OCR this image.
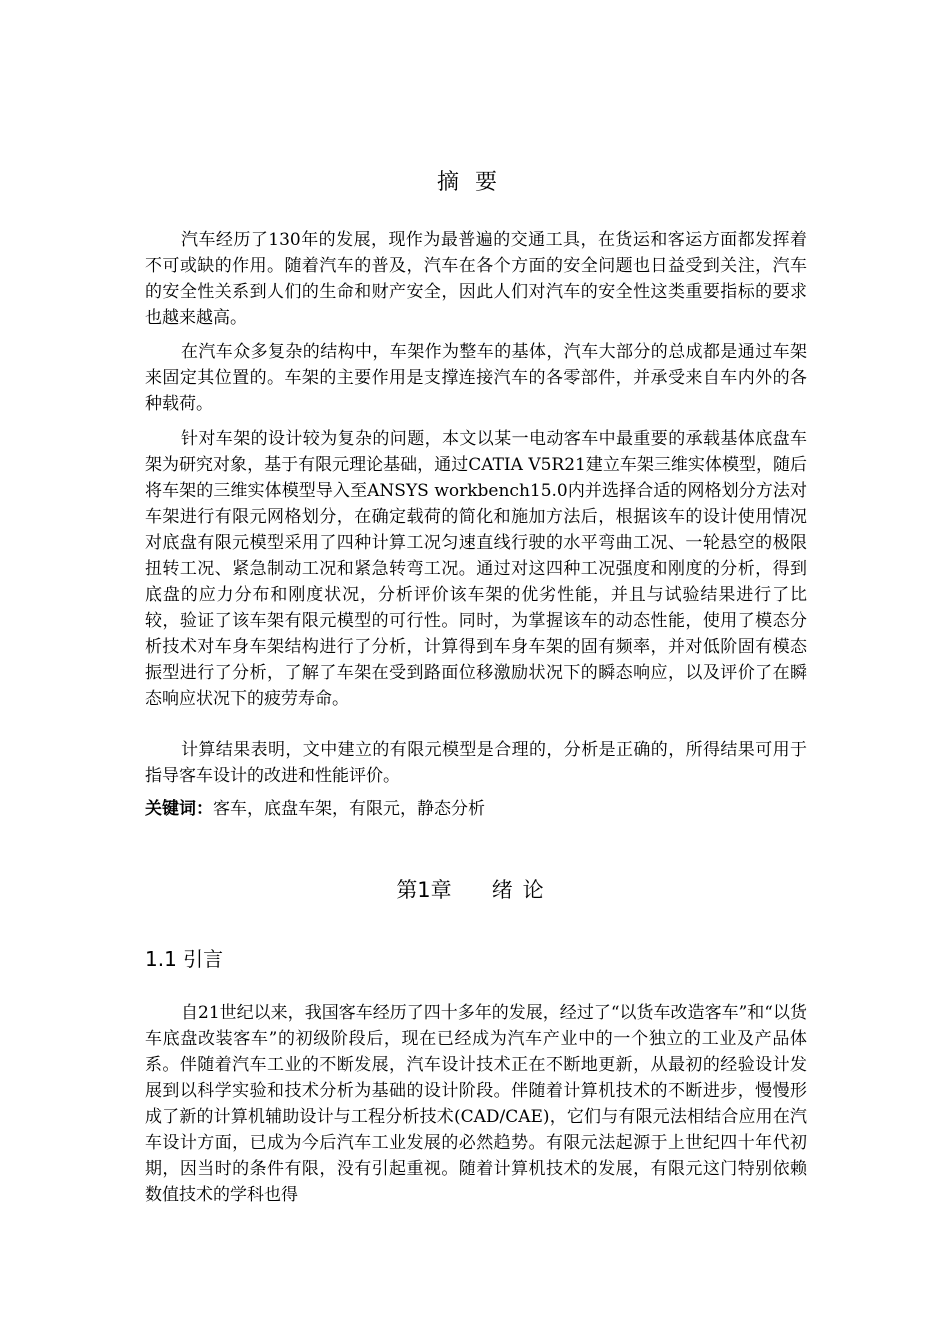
摘要

汽车经历了130年的发展，现作为最普遍的交通工具，在货运和客运方面都发挥着不可或缺的作用。随着汽车的普及，汽车在各个方面的安全问题也日益受到关注，汽车的安全性关系到人们的生命和财产安全，因此人们对汽车的安全性这类重要指标的要求也越来越高。

在汽车众多复杂的结构中，车架作为整车的基体，汽车大部分的总成都是通过车架来固定其位置的。车架的主要作用是支撑连接汽车的各零部件，并承受来自车内外的各种载荷。

针对车架的设计较为复杂的问题，本文以某一电动客车中最重要的承载基体底盘车架为研究对象，基于有限元理论基础，通过CATIA V5R21建立车架三维实体模型，随后将车架的三维实体模型导入至ANSYS workbench15.0内并选择合适的网格划分方法对车架进行有限元网格划分，在确定载荷的简化和施加方法后，根据该车的设计使用情况对底盘有限元模型采用了四种计算工况匀速直线行驶的水平弯曲工况、一轮悬空的极限扭转工况、紧急制动工况和紧急转弯工况。通过对这四种工况强度和刚度的分析，得到底盘的应力分布和刚度状况，分析评价该车架的优劣性能，并且与试验结果进行了比较，验证了该车架有限元模型的可行性。同时，为掌握该车的动态性能，使用了模态分析技术对车身车架结构进行了分析，计算得到车身车架的固有频率，并对低阶固有模态振型进行了分析，了解了车架在受到路面位移激励状况下的瞬态响应，以及评价了在瞬态响应状况下的疲劳寿命。

计算结果表明，文中建立的有限元模型是合理的，分析是正确的，所得结果可用于指导客车设计的改进和性能评价。

关键词：客车，底盘车架，有限元，静态分析
第1章 绪论
1.1 引言

自21世纪以来，我国客车经历了四十多年的发展，经过了“以货车改造客车”和“以货车底盘改装客车”的初级阶段后，现在已经成为汽车产业中的一个独立的工业及产品体系。伴随着汽车工业的不断发展，汽车设计技术正在不断地更新，从最初的经验设计发展到以科学实验和技术分析为基础的设计阶段。伴随着计算机技术的不断进步，慢慢形成了新的计算机辅助设计与工程分析技术(CAD/CAE)，它们与有限元法相结合应用在汽车设计方面，已成为今后汽车工业发展的必然趋势。有限元法起源于上世纪四十年代初期，因当时的条件有限，没有引起重视。随着计算机技术的发展，有限元这门特别依赖数值技术的学科也得
